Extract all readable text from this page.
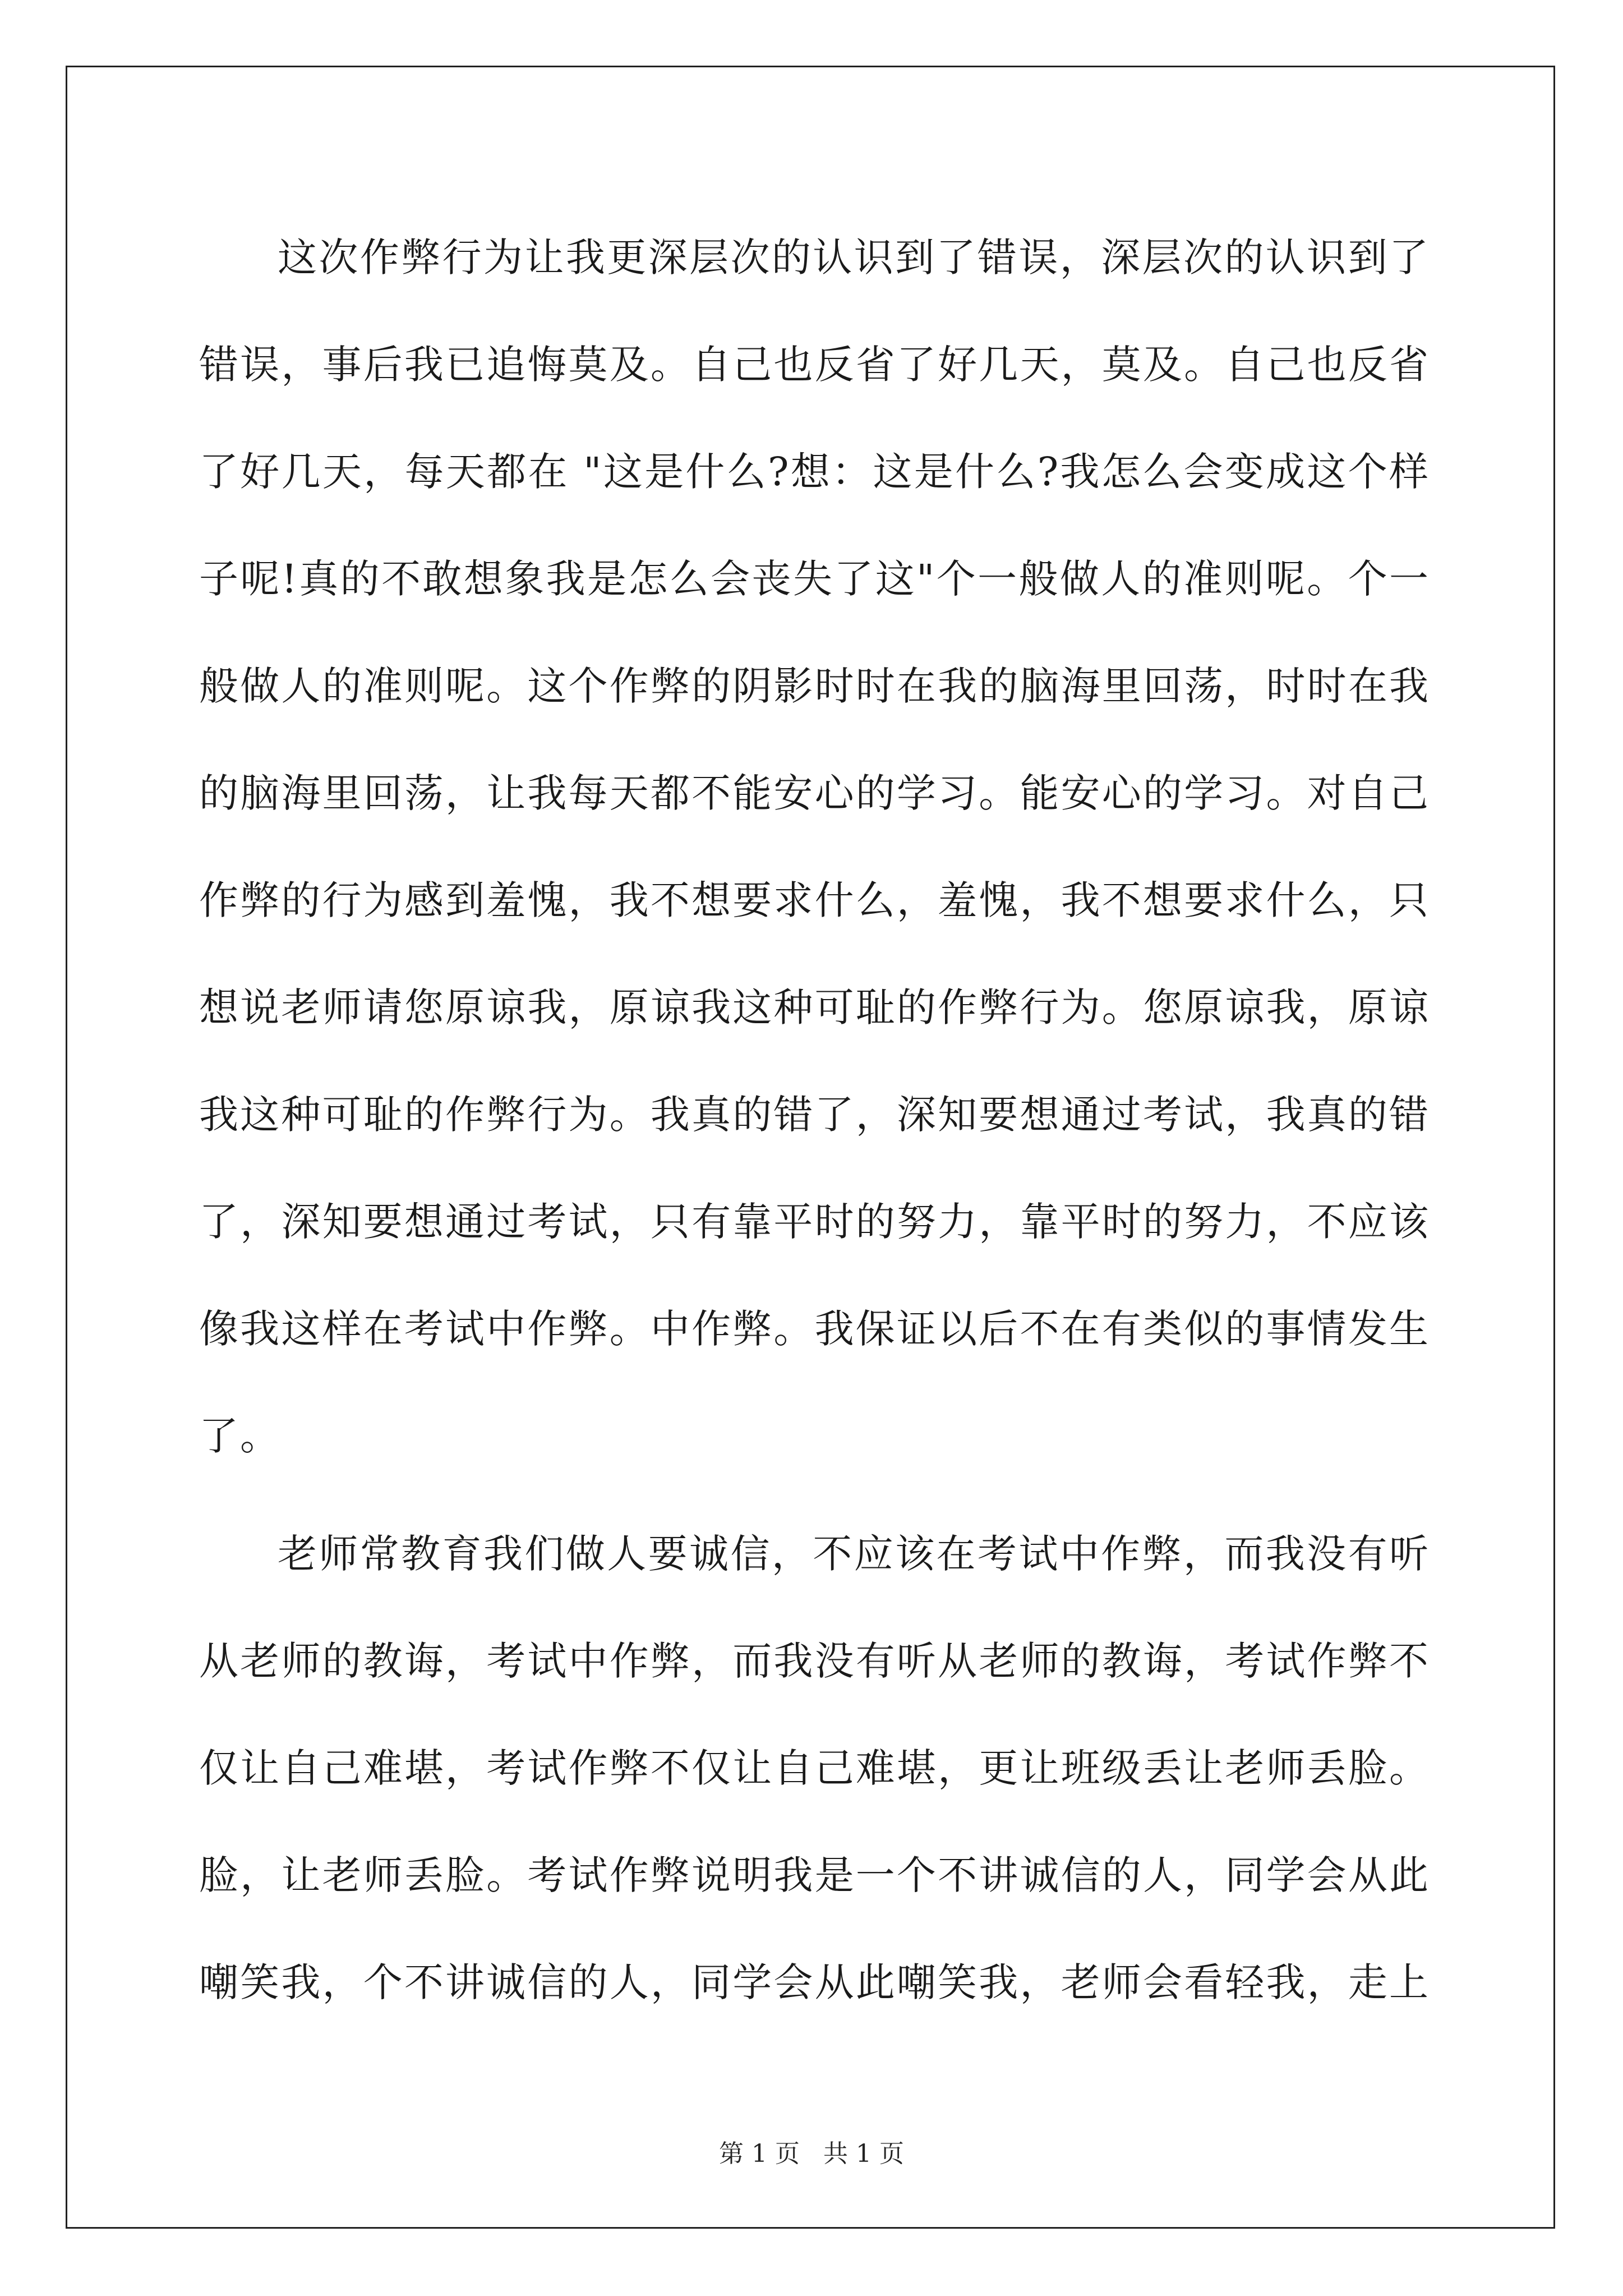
这次作弊行为让我更深层次的认识到了错误，深层次的认识到了
错误，事后我已追悔莫及。自己也反省了好几天，莫及。自己也反省
了好几天，每天都在 "这是什么?想：这是什么?我怎么会变成这个样
子呢!真的不敢想象我是怎么会丧失了这"个一般做人的准则呢。个一
般做人的准则呢。这个作弊的阴影时时在我的脑海里回荡，时时在我
的脑海里回荡，让我每天都不能安心的学习。能安心的学习。对自己
作弊的行为感到羞愧，我不想要求什么，羞愧，我不想要求什么，只
想说老师请您原谅我，原谅我这种可耻的作弊行为。您原谅我，原谅
我这种可耻的作弊行为。我真的错了，深知要想通过考试，我真的错
了，深知要想通过考试，只有靠平时的努力，靠平时的努力，不应该
像我这样在考试中作弊。中作弊。我保证以后不在有类似的事情发生
了。
老师常教育我们做人要诚信，不应该在考试中作弊，而我没有听
从老师的教诲，考试中作弊，而我没有听从老师的教诲，考试作弊不
仅让自己难堪，考试作弊不仅让自己难堪，更让班级丢让老师丢脸。
脸，让老师丢脸。考试作弊说明我是一个不讲诚信的人，同学会从此
嘲笑我，个不讲诚信的人，同学会从此嘲笑我，老师会看轻我，走上
第 1 页   共 1 页
